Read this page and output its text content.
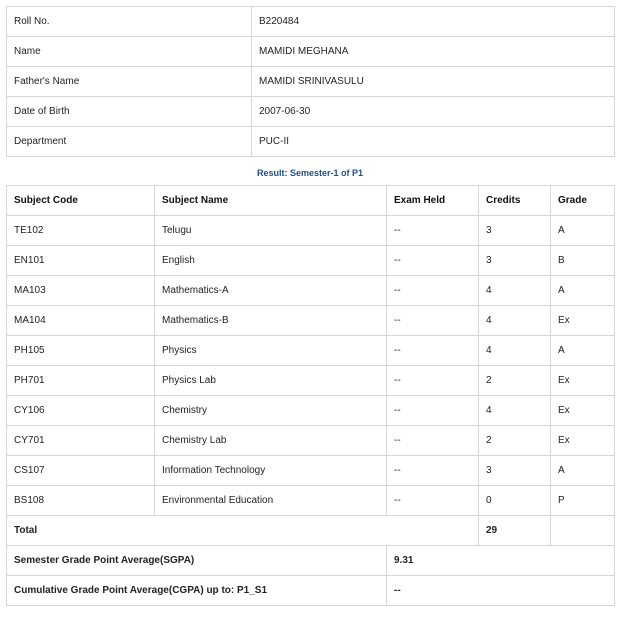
Roll No.	B220484
Name	MAMIDI MEGHANA
Father's Name	MAMIDI SRINIVASULU
Date of Birth	2007-06-30
Department	PUC-II
Result: Semester-1 of P1
Subject Code	Subject Name	Exam Held	Credits	Grade
TE102	Telugu	--	3	A
EN101	English	--	3	B
MA103	Mathematics-A	--	4	A
MA104	Mathematics-B	--	4	Ex
PH105	Physics	--	4	A
PH701	Physics Lab	--	2	Ex
CY106	Chemistry	--	4	Ex
CY701	Chemistry Lab	--	2	Ex
CS107	Information Technology	--	3	A
BS108	Environmental Education	--	0	P
Total			29	
Semester Grade Point Average(SGPA)		9.31		
Cumulative Grade Point Average(CGPA) up to: P1_S1		--		
